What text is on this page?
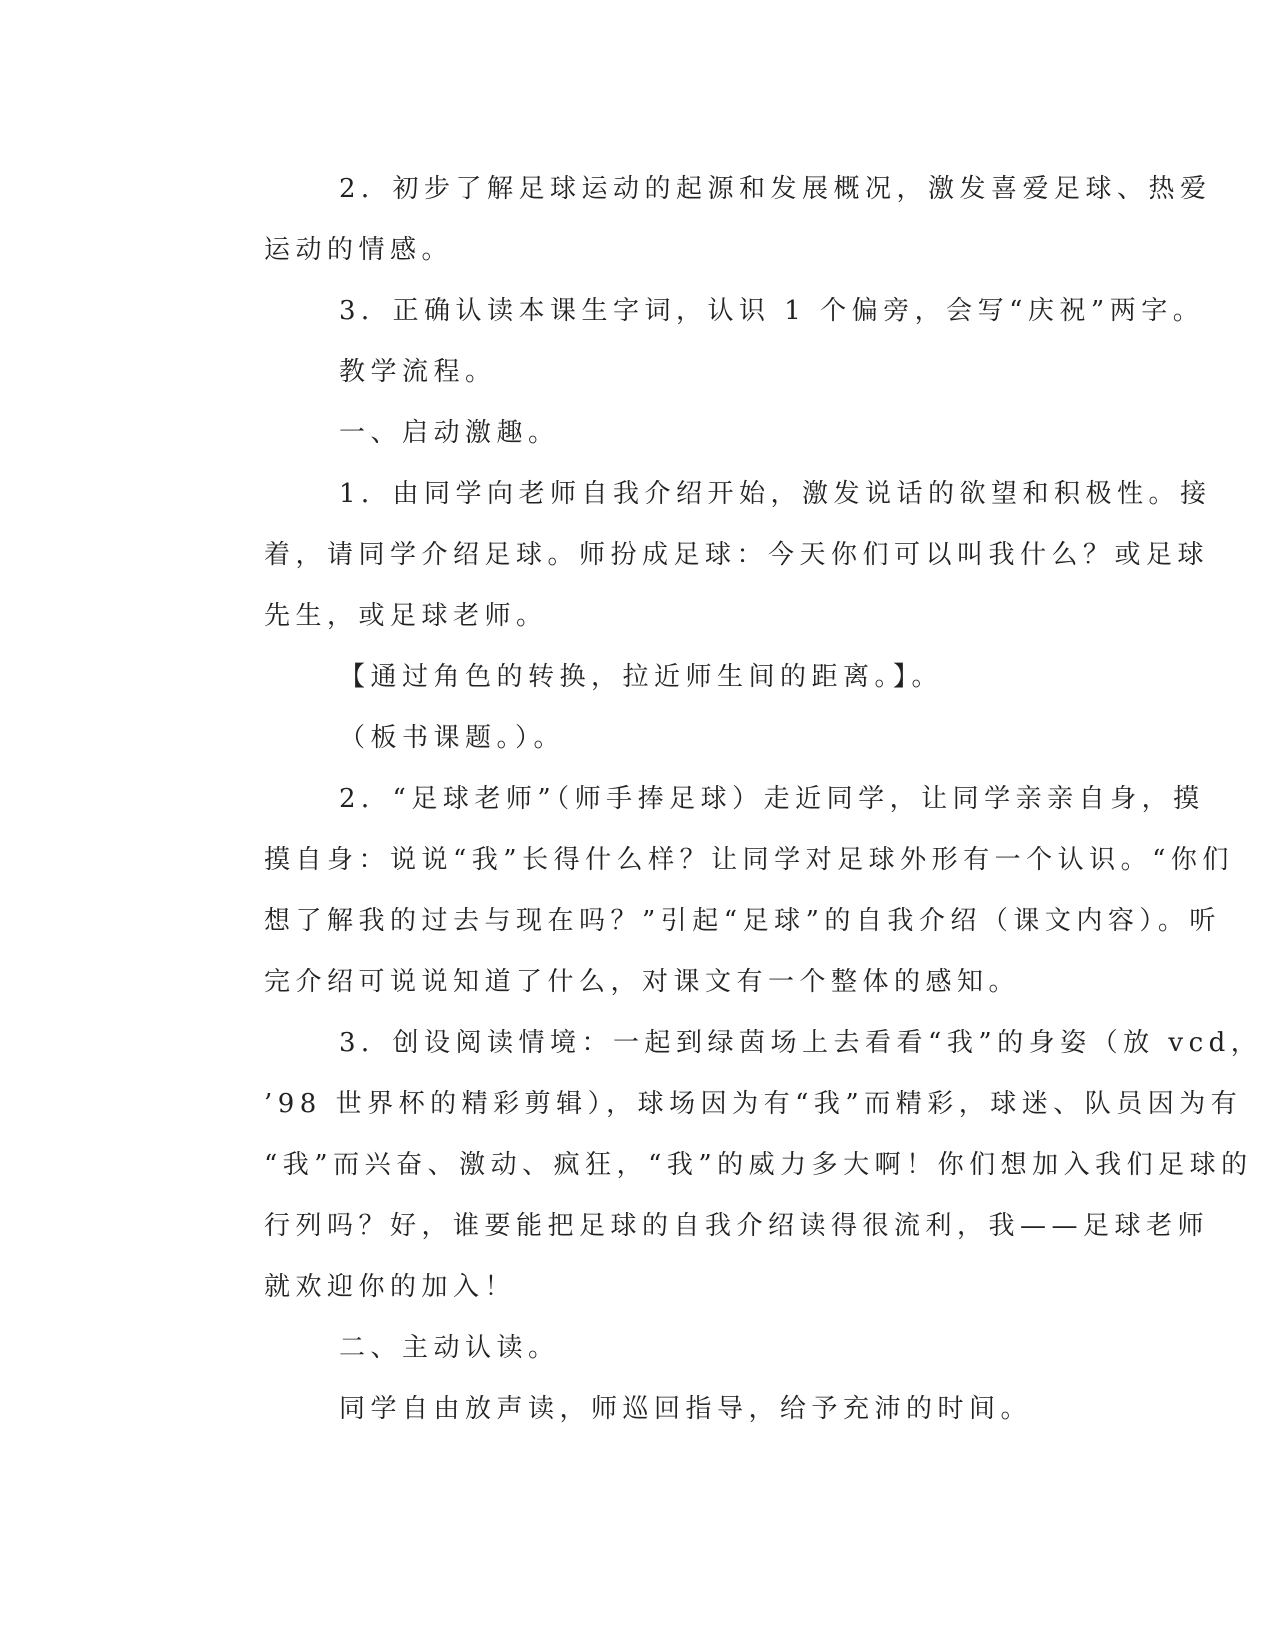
2．初步了解足球运动的起源和发展概况，激发喜爱足球、热爱
运动的情感。
3．正确认读本课生字词，认识 1 个偏旁，会写“庆祝”两字。
教学流程。
一、启动激趣。
1．由同学向老师自我介绍开始，激发说话的欲望和积极性。接
着，请同学介绍足球。师扮成足球：今天你们可以叫我什么？或足球
先生，或足球老师。
【通过角色的转换，拉近师生间的距离。】。
（板书课题。）。
2．“足球老师”（师手捧足球）走近同学，让同学亲亲自身，摸
摸自身：说说“我”长得什么样？让同学对足球外形有一个认识。“你们
想了解我的过去与现在吗？”引起“足球”的自我介绍（课文内容）。听
完介绍可说说知道了什么，对课文有一个整体的感知。
3．创设阅读情境：一起到绿茵场上去看看“我”的身姿（放 vcd，
’98 世界杯的精彩剪辑），球场因为有“我”而精彩，球迷、队员因为有
“我”而兴奋、激动、疯狂，“我”的威力多大啊！你们想加入我们足球的
行列吗？好，谁要能把足球的自我介绍读得很流利，我——足球老师
就欢迎你的加入！
二、主动认读。
同学自由放声读，师巡回指导，给予充沛的时间。
